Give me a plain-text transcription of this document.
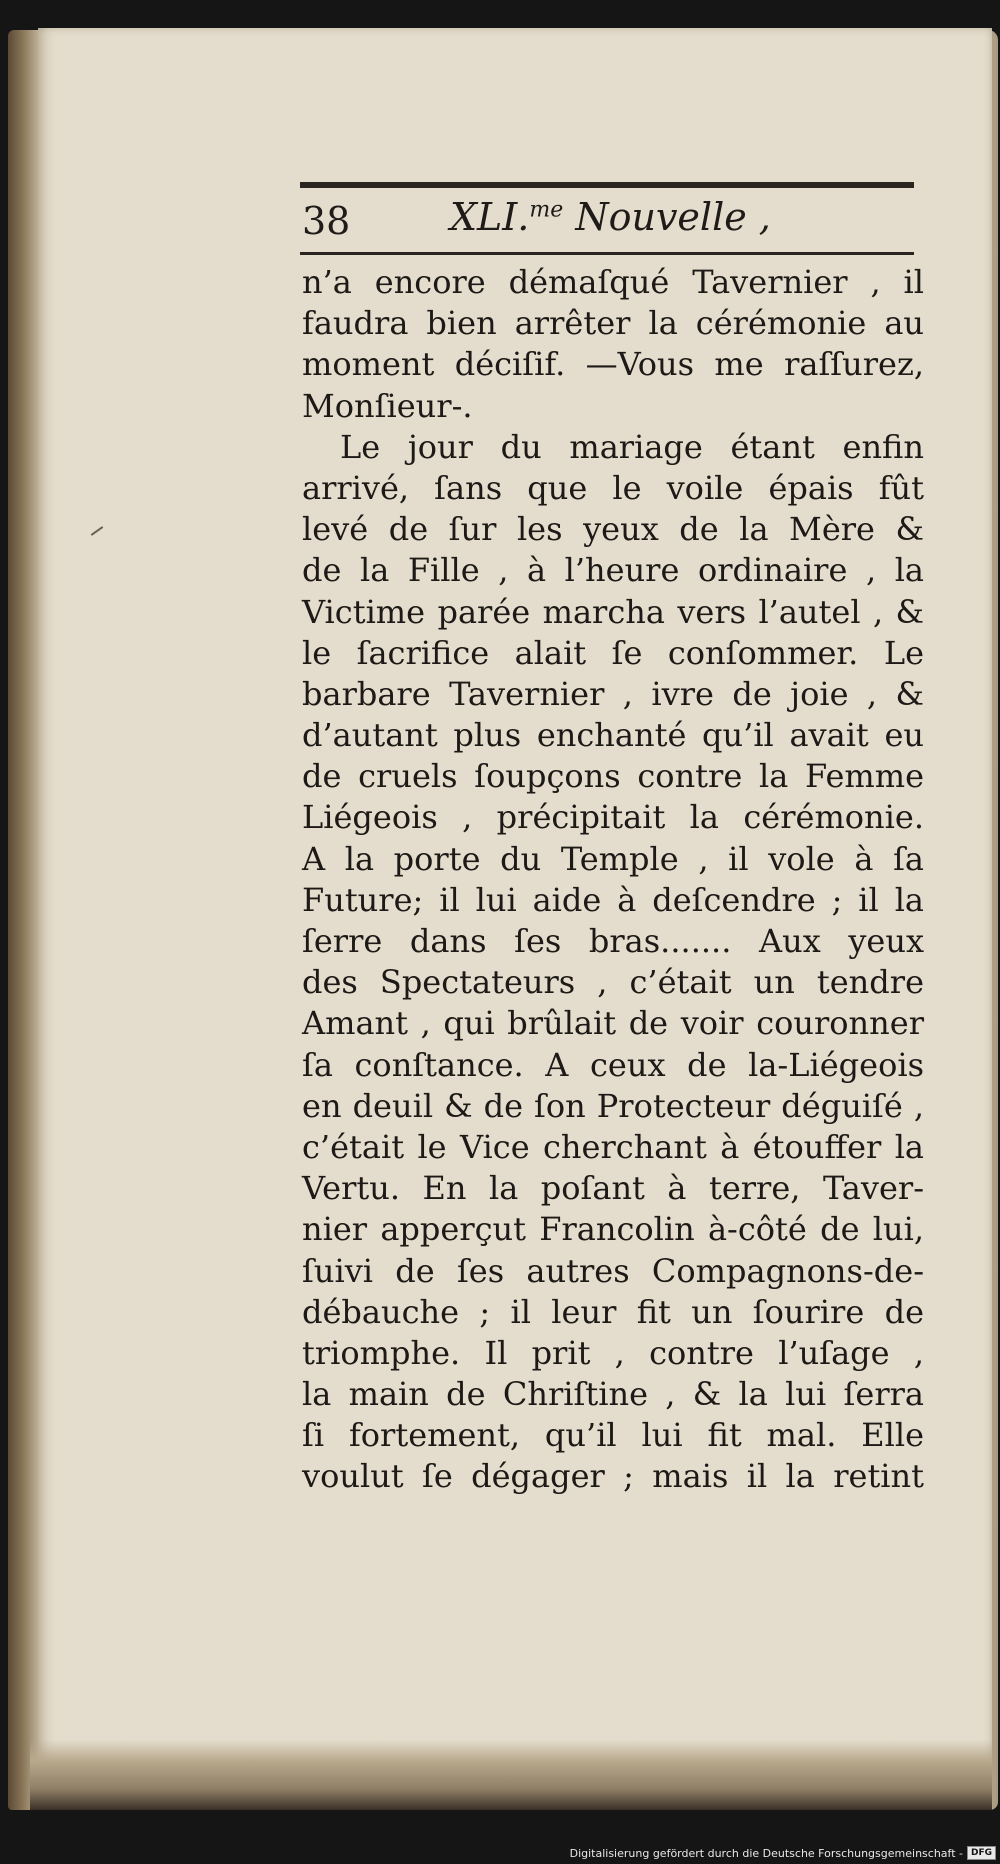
38	XLI.$^{me}$ Nouvelle ,
n’a encore démaſqué Tavernier , il
faudra bien arrêter la cérémonie au
moment déciſif. —Vous me raſſurez,
Monſieur-.
Le jour du mariage étant enfin
arrivé, ſans que le voile épais fût
levé de ſur les yeux de la Mère &
de la Fille , à l’heure ordinaire , la
Victime parée marcha vers l’autel , &
le ſacrifice alait ſe conſommer. Le
barbare Tavernier , ivre de joie , &
d’autant plus enchanté qu’il avait eu
de cruels ſoupçons contre la Femme
Liégeois , précipitait la cérémonie.
A la porte du Temple , il vole à ſa
Future; il lui aide à deſcendre ; il la
ſerre dans ſes bras....... Aux yeux
des Spectateurs , c’était un tendre
Amant , qui brûlait de voir couronner
ſa conſtance. A ceux de la-Liégeois
en deuil & de ſon Protecteur déguiſé ,
c’était le Vice cherchant à étouffer la
Vertu. En la poſant à terre, Taver-
nier apperçut Francolin à-côté de lui,
ſuivi de ſes autres Compagnons-de-
débauche ; il leur fit un ſourire de
triomphe. Il prit , contre l’uſage ,
la main de Chriſtine , & la lui ſerra
ſi fortement, qu’il lui fit mal. Elle
voulut ſe dégager ; mais il la retint
Digitalisierung gefördert durch die Deutsche Forschungsgemeinschaft - DFG
